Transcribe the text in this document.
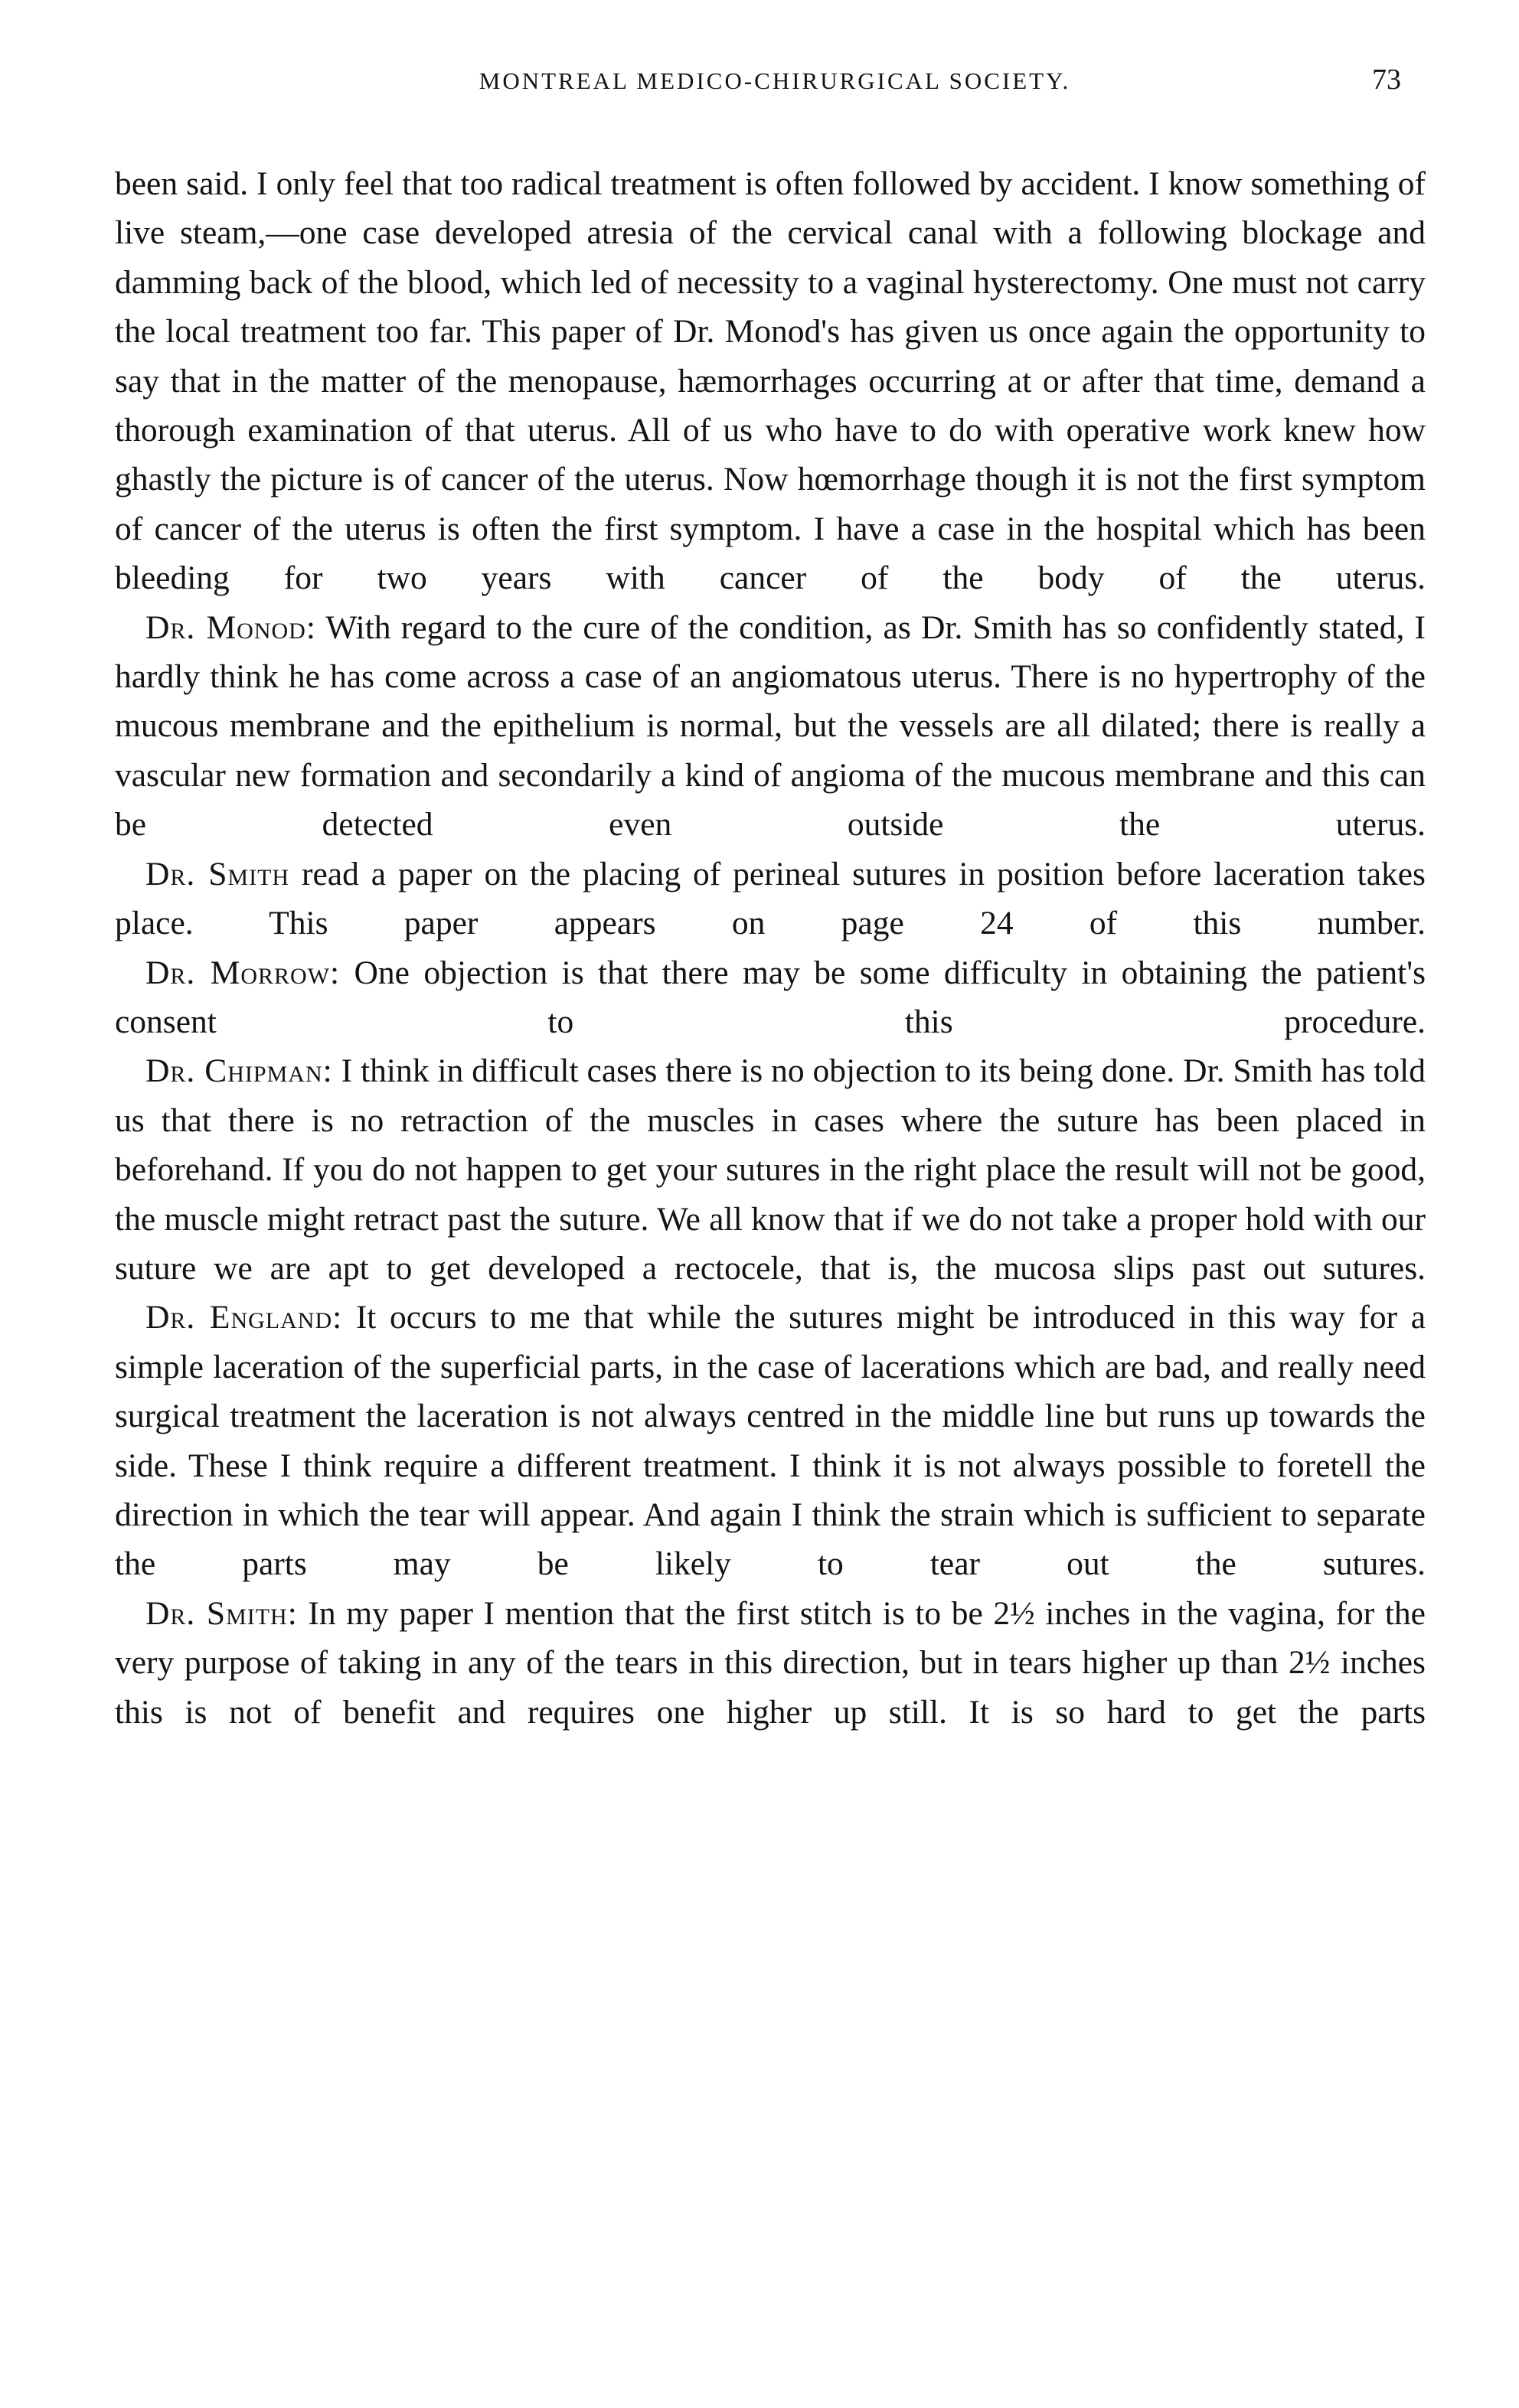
MONTREAL MEDICO-CHIRURGICAL SOCIETY.	73

been said. I only feel that too radical treatment is often followed by accident. I know something of live steam,—one case developed atresia of the cervical canal with a following blockage and damming back of the blood, which led of necessity to a vaginal hysterectomy. One must not carry the local treatment too far. This paper of Dr. Monod's has given us once again the opportunity to say that in the matter of the menopause, hæmorrhages occurring at or after that time, demand a thorough examination of that uterus. All of us who have to do with operative work knew how ghastly the picture is of cancer of the uterus. Now hœmorrhage though it is not the first symptom of cancer of the uterus is often the first symptom. I have a case in the hospital which has been bleeding for two years with cancer of the body of the uterus.

Dr. Monod: With regard to the cure of the condition, as Dr. Smith has so confidently stated, I hardly think he has come across a case of an angiomatous uterus. There is no hypertrophy of the mucous membrane and the epithelium is normal, but the vessels are all dilated; there is really a vascular new formation and secondarily a kind of angioma of the mucous membrane and this can be detected even outside the uterus.

Dr. Smith read a paper on the placing of perineal sutures in position before laceration takes place. This paper appears on page 24 of this number.

Dr. Morrow: One objection is that there may be some difficulty in obtaining the patient's consent to this procedure.

Dr. Chipman: I think in difficult cases there is no objection to its being done. Dr. Smith has told us that there is no retraction of the muscles in cases where the suture has been placed in beforehand. If you do not happen to get your sutures in the right place the result will not be good, the muscle might retract past the suture. We all know that if we do not take a proper hold with our suture we are apt to get developed a rectocele, that is, the mucosa slips past out sutures.

Dr. England: It occurs to me that while the sutures might be introduced in this way for a simple laceration of the superficial parts, in the case of lacerations which are bad, and really need surgical treatment the laceration is not always centred in the middle line but runs up towards the side. These I think require a different treatment. I think it is not always possible to foretell the direction in which the tear will appear. And again I think the strain which is sufficient to separate the parts may be likely to tear out the sutures.

Dr. Smith: In my paper I mention that the first stitch is to be 2½ inches in the vagina, for the very purpose of taking in any of the tears in this direction, but in tears higher up than 2½ inches this is not of benefit and requires one higher up still. It is so hard to get the parts
